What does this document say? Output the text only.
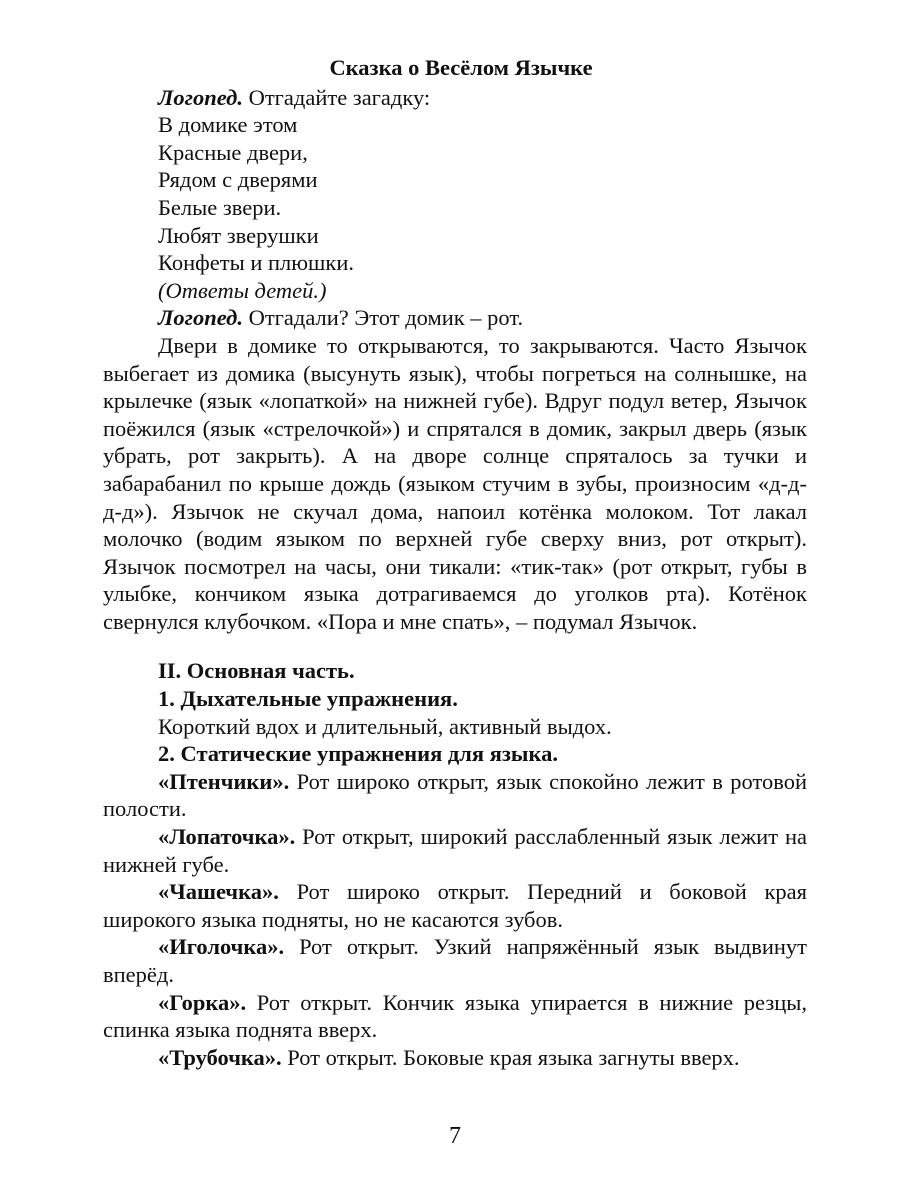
Сказка о Весёлом Язычке

Логопед. Отгадайте загадку:

В домике этом

Красные двери,

Рядом с дверями

Белые звери.

Любят зверушки

Конфеты и плюшки.

(Ответы детей.)

Логопед. Отгадали? Этот домик – рот.

Двери в домике то открываются, то закрываются. Часто Язычок выбегает из домика (высунуть язык), чтобы погреться на солнышке, на крылечке (язык «лопаткой» на нижней губе). Вдруг подул ветер, Язычок поёжился (язык «стрелочкой») и спрятался в домик, закрыл дверь (язык убрать, рот закрыть). А на дворе солнце спряталось за тучки и забарабанил по крыше дождь (языком стучим в зубы, произносим «д-д-д-д»). Язычок не скучал дома, напоил котёнка молоком. Тот лакал молочко (водим языком по верхней губе сверху вниз, рот открыт). Язычок посмотрел на часы, они тикали: «тик-так» (рот открыт, губы в улыбке, кончиком языка дотрагиваемся до уголков рта). Котёнок свернулся клубочком. «Пора и мне спать», – подумал Язычок.

II. Основная часть.

1. Дыхательные упражнения.

Короткий вдох и длительный, активный выдох.

2. Статические упражнения для языка.

«Птенчики». Рот широко открыт, язык спокойно лежит в ротовой полости.

«Лопаточка». Рот открыт, широкий расслабленный язык лежит на нижней губе.

«Чашечка». Рот широко открыт. Передний и боковой края широкого языка подняты, но не касаются зубов.

«Иголочка». Рот открыт. Узкий напряжённый язык выдвинут вперёд.

«Горка». Рот открыт. Кончик языка упирается в нижние резцы, спинка языка поднята вверх.

«Трубочка». Рот открыт. Боковые края языка загнуты вверх.

7
